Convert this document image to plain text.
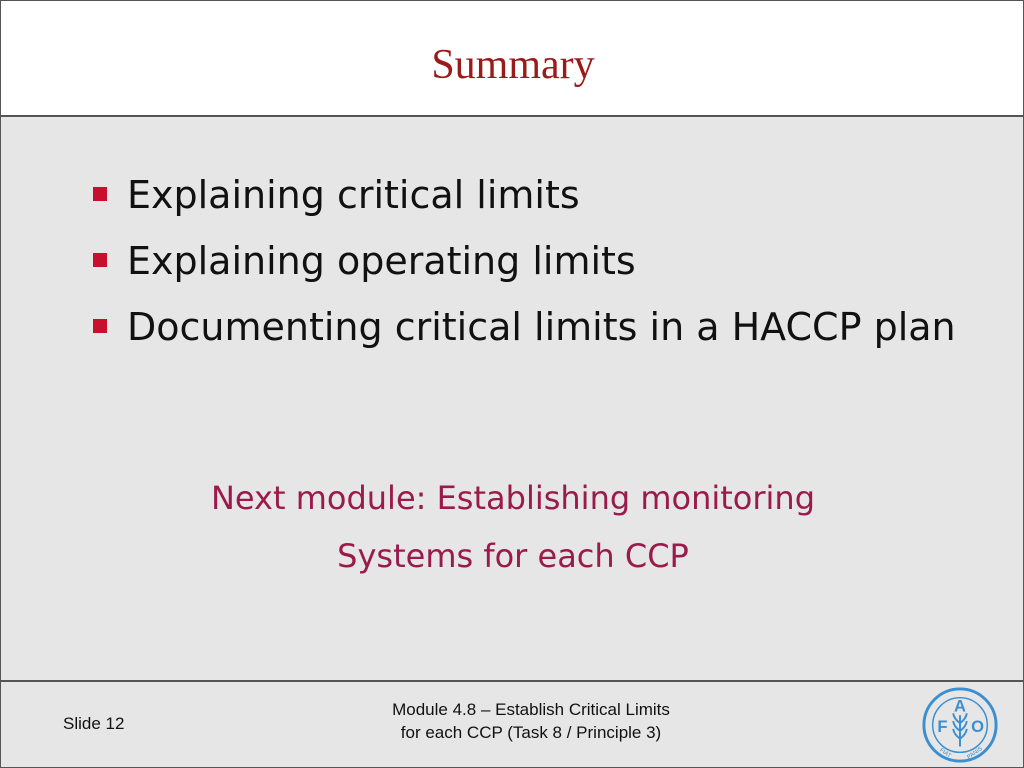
Summary
Explaining critical limits
Explaining operating limits
Documenting critical limits in a HACCP plan
Next module: Establishing monitoring
Systems for each CCP
Slide 12
Module 4.8 – Establish Critical Limits
for each CCP (Task 8 / Principle 3)	F
A
O
FIAT PANIS
